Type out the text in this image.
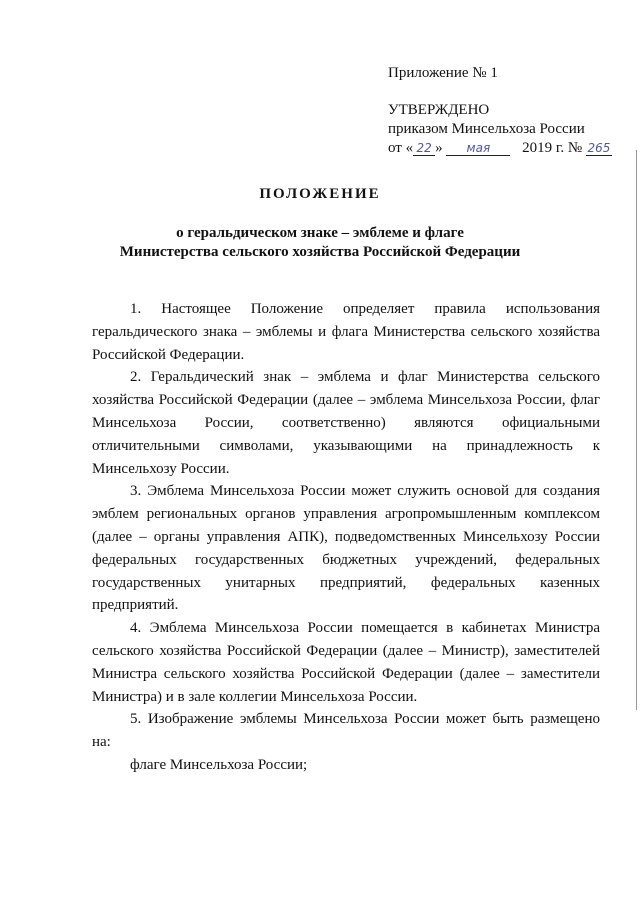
Приложение № 1
УТВЕРЖДЕНО
приказом Минсельхоза России
от « 22 » мая 2019 г. № 265
ПОЛОЖЕНИЕ
о геральдическом знаке – эмблеме и флаге
Министерства сельского хозяйства Российской Федерации

1. Настоящее Положение определяет правила использования геральдического знака – эмблемы и флага Министерства сельского хозяйства Российской Федерации.

2. Геральдический знак – эмблема и флаг Министерства сельского хозяйства Российской Федерации (далее – эмблема Минсельхоза России, флаг Минсельхоза России, соответственно) являются официальными отличительными символами, указывающими на принадлежность к Минсельхозу России.

3. Эмблема Минсельхоза России может служить основой для создания эмблем региональных органов управления агропромышленным комплексом (далее – органы управления АПК), подведомственных Минсельхозу России федеральных государственных бюджетных учреждений, федеральных государственных унитарных предприятий, федеральных казенных предприятий.

4. Эмблема Минсельхоза России помещается в кабинетах Министра сельского хозяйства Российской Федерации (далее – Министр), заместителей Министра сельского хозяйства Российской Федерации (далее – заместители Министра) и в зале коллегии Минсельхоза России.

5. Изображение эмблемы Минсельхоза России может быть размещено на:

флаге Минсельхоза России;
